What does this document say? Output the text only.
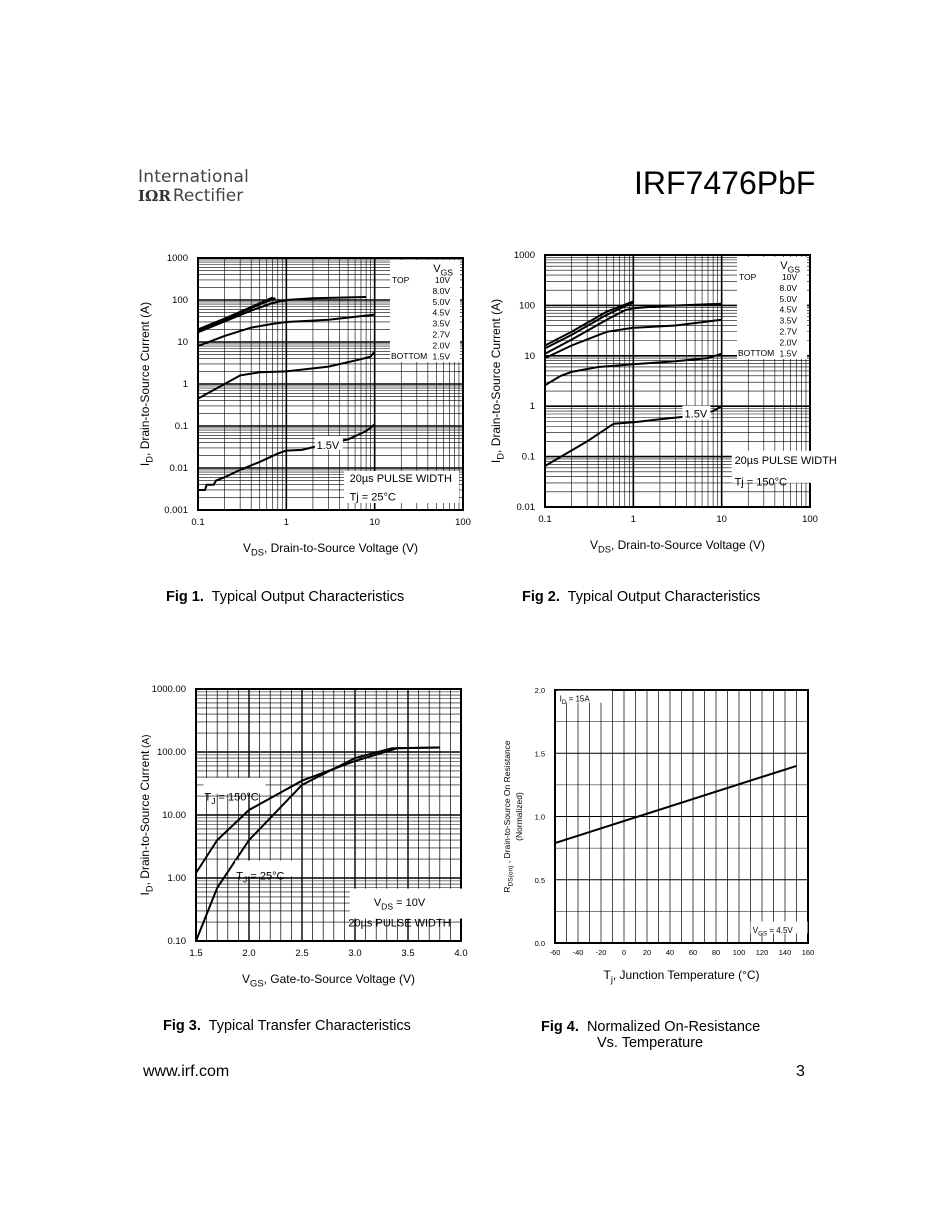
International
IΩR Rectifier	IRF7476PbF
$V_{GS}$
TOP
BOTTOM
10V
8.0V
5.0V
4.5V
3.5V
2.7V
2.0V
1.5V
0.1	1	10	100
0.001
0.01
0.1
1
10
100
1000
$V_{DS}$, Drain-to-Source Voltage (V)
$I_D$, Drain-to-Source Current (A)	1.5V
20µs PULSE WIDTH
Tj = 25°C
Fig 1. Typical Output Characteristics
$V_{GS}$
TOP
BOTTOM
10V
8.0V
5.0V
4.5V
3.5V
2.7V
2.0V
1.5V
0.1	1	10	100
0.01
0.1
1
10
100
1000
$V_{DS}$, Drain-to-Source Voltage (V)
$I_D$, Drain-to-Source Current (A)	1.5V
20µs PULSE WIDTH
Tj = 150°C
Fig 2. Typical Output Characteristics
1.5	2.0	2.5	3.0	3.5	4.0
0.10
1.00
10.00
100.00
1000.00
$V_{GS}$, Gate-to-Source Voltage (V)
$I_D$, Drain-to-Source Current (Α)
$T_J = 150^\circ C$
$T_J = 25^\circ C$
$V_{DS} = 10V$
20µs PULSE WIDTH
Fig 3. Typical Transfer Characteristics
-60 -40 -20 0 20 40 60 80 100 120 140 160
0.0
0.5
1.0
1.5
2.0
$T_j$, Junction Temperature (°C)
$R_{DS(on)}$ , Drain-to-Source On Resistance (Normalized)
$I_D = 15A$
$V_{GS} = 4.5V$
Fig 4. Normalized On-Resistance
Vs. Temperature
www.irf.com	3
